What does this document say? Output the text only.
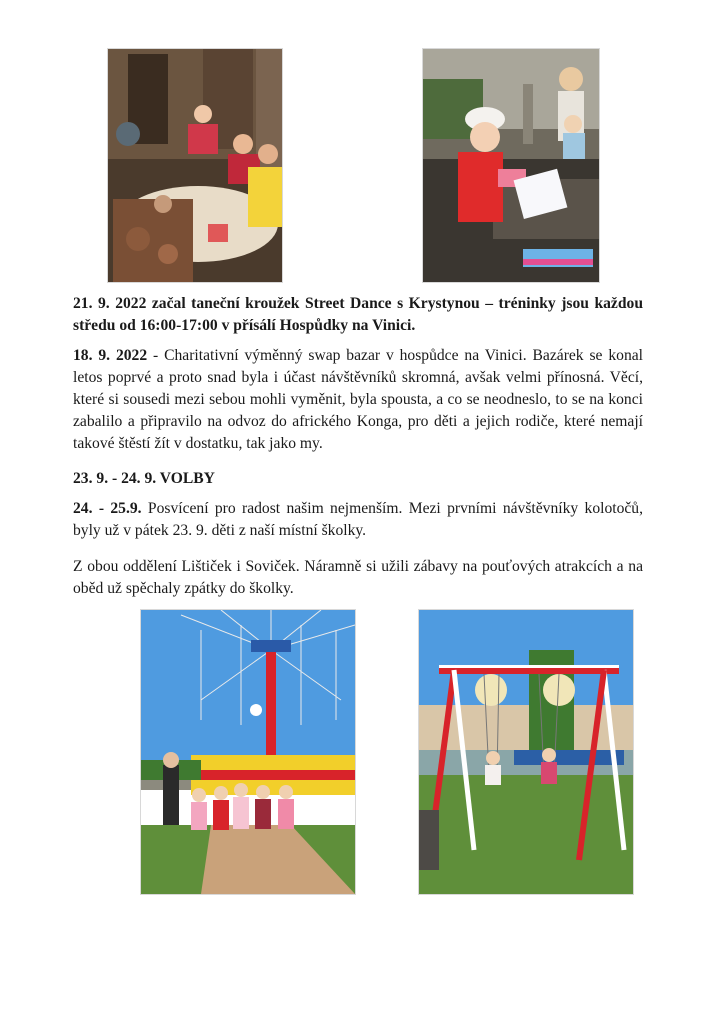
21. 9. 2022 začal taneční kroužek Street Dance s Krystynou – tréninky jsou každou středu od 16:00-17:00 v přísálí Hospůdky na Vinici.
18. 9. 2022 - Charitativní výměnný swap bazar v hospůdce na Vinici. Bazárek se konal letos poprvé a proto snad byla i účast návštěvníků skromná, avšak velmi přínosná. Věcí, které si sousedi mezi sebou mohli vyměnit, byla spousta, a co se neodneslo, to se na konci zabalilo a připravilo na odvoz do afrického Konga, pro děti a jejich rodiče, které nemají takové štěstí žít v dostatku, tak jako my.
23. 9. - 24. 9. VOLBY
24. - 25.9. Posvícení pro radost našim nejmenším. Mezi prvními návštěvníky kolotočů, byly už v pátek 23. 9. děti z naší místní školky.
Z obou oddělení Lištiček i Soviček. Náramně si užili zábavy na pouťových atrakcích a na oběd už spěchaly zpátky do školky.
